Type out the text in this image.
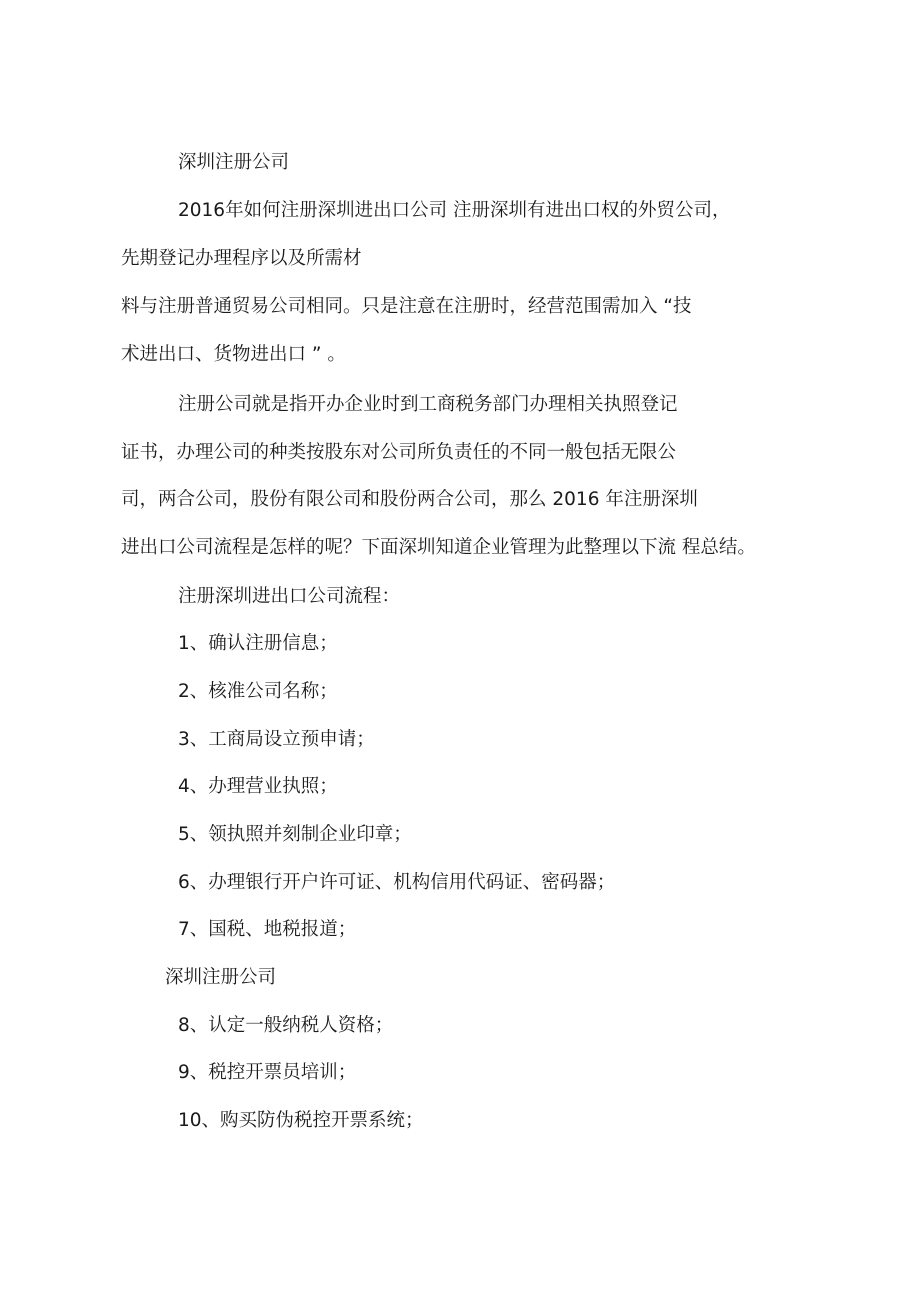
深圳注册公司
2016年如何注册深圳进出口公司 注册深圳有进出口权的外贸公司，
先期登记办理程序以及所需材
料与注册普通贸易公司相同。只是注意在注册时，经营范围需加入 “技
术进出口、货物进出口 ” 。
注册公司就是指开办企业时到工商税务部门办理相关执照登记
证书，办理公司的种类按股东对公司所负责任的不同一般包括无限公
司，两合公司，股份有限公司和股份两合公司，那么 2016 年注册深圳
进出口公司流程是怎样的呢？下面深圳知道企业管理为此整理以下流 程总结。
注册深圳进出口公司流程：
1、确认注册信息；
2、核准公司名称；
3、工商局设立预申请；
4、办理营业执照；
5、领执照并刻制企业印章；
6、办理银行开户许可证、机构信用代码证、密码器；
7、国税、地税报道；
深圳注册公司
8、认定一般纳税人资格；
9、税控开票员培训；
10、购买防伪税控开票系统；
